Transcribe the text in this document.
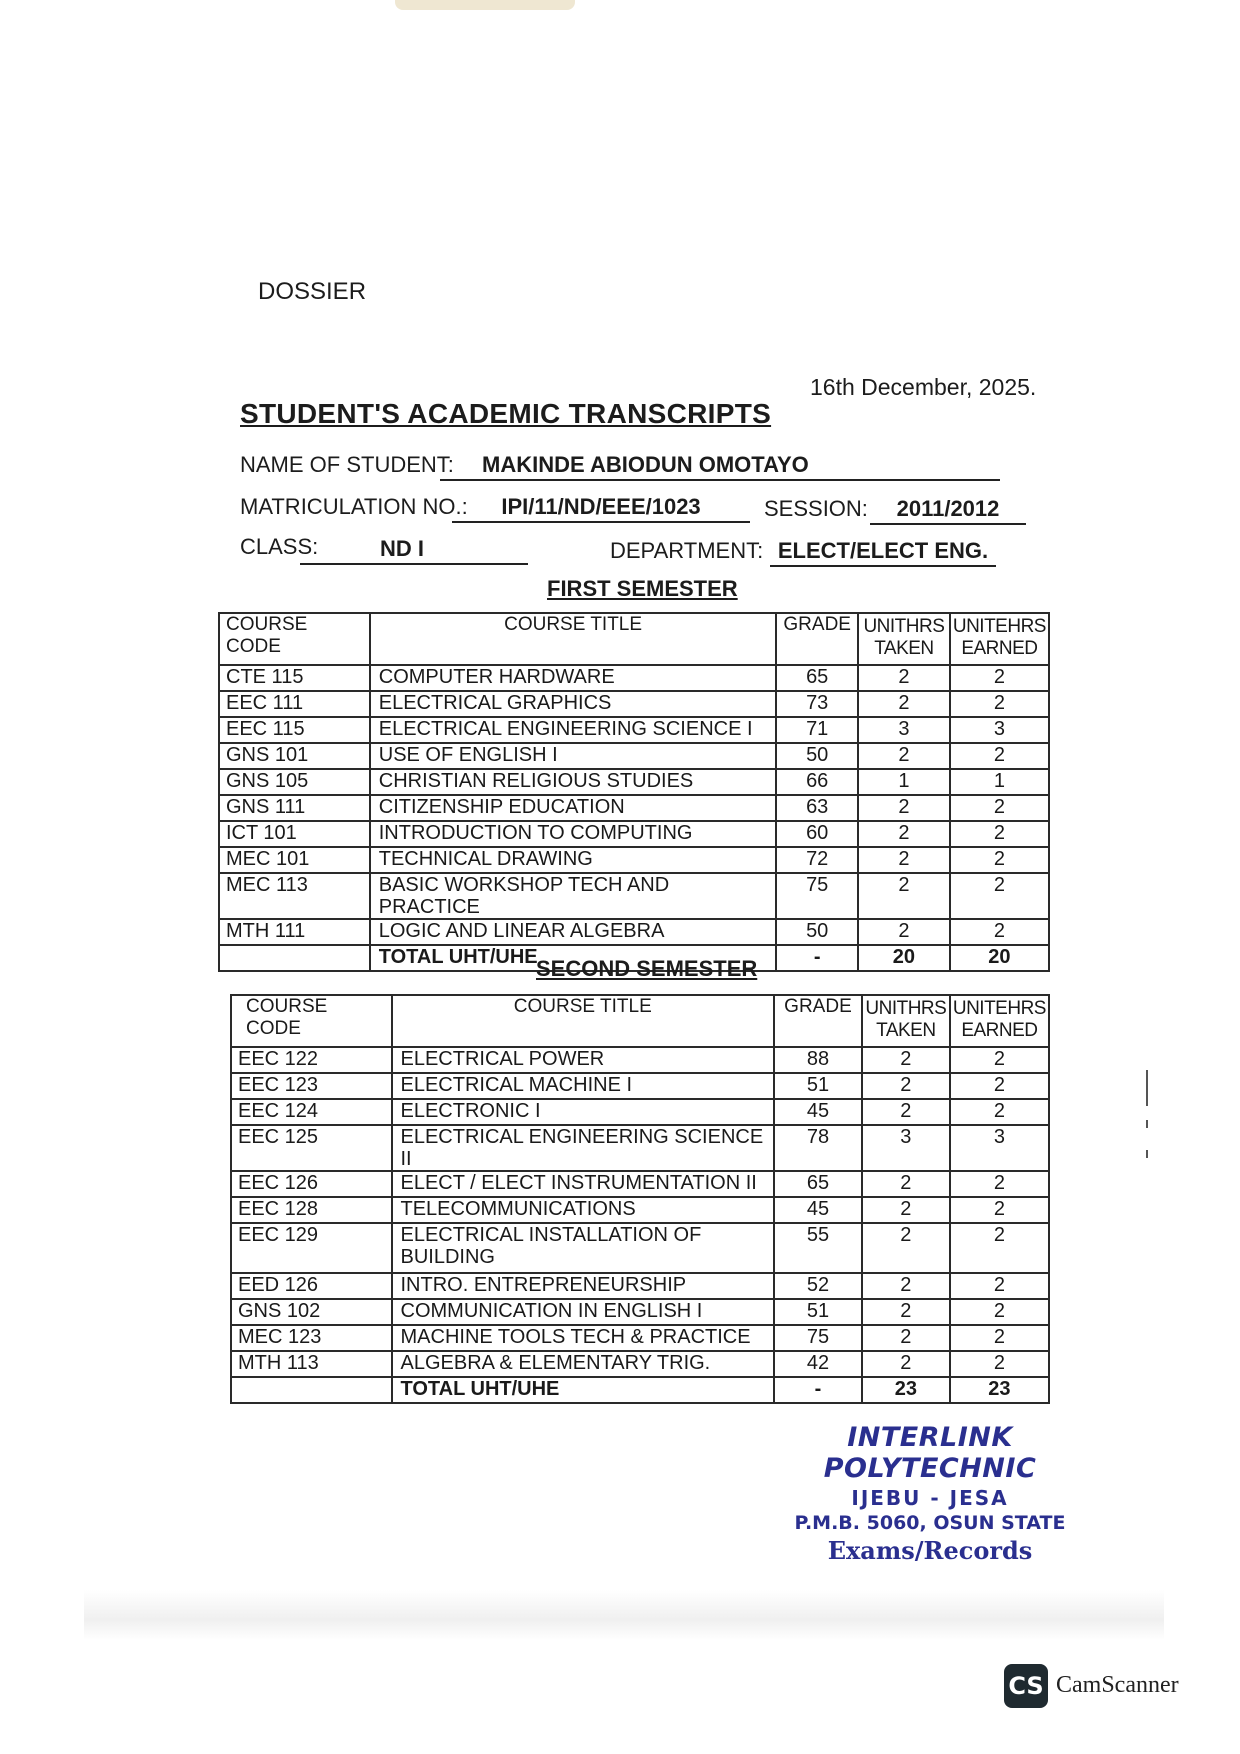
DOSSIER
16th December, 2025.
STUDENT'S ACADEMIC TRANSCRIPTS
NAME OF STUDENT:	MAKINDE ABIODUN OMOTAYO
MATRICULATION NO.:	IPI/11/ND/EEE/1023	SESSION:	2011/2012
CLASS:	ND I	DEPARTMENT: ELECT/ELECT ENG.
FIRST SEMESTER
COURSE CODE	COURSE TITLE	GRADE	UNITHRS TAKEN	UNITEHRS EARNED
CTE 115	COMPUTER HARDWARE	65	2	2
EEC 111	ELECTRICAL GRAPHICS	73	2	2
EEC 115	ELECTRICAL ENGINEERING SCIENCE I	71	3	3
GNS 101	USE OF ENGLISH I	50	2	2
GNS 105	CHRISTIAN RELIGIOUS STUDIES	66	1	1
GNS 111	CITIZENSHIP EDUCATION	63	2	2
ICT 101	INTRODUCTION TO COMPUTING	60	2	2
MEC 101	TECHNICAL DRAWING	72	2	2
MEC 113	BASIC WORKSHOP TECH AND PRACTICE	75	2	2
MTH 111	LOGIC AND LINEAR ALGEBRA	50	2	2
	TOTAL UHT/UHE	-	20	20
SECOND SEMESTER
COURSE CODE	COURSE TITLE	GRADE	UNITHRS TAKEN	UNITEHRS EARNED
EEC 122	ELECTRICAL POWER	88	2	2
EEC 123	ELECTRICAL MACHINE I	51	2	2
EEC 124	ELECTRONIC I	45	2	2
EEC 125	ELECTRICAL ENGINEERING SCIENCE II	78	3	3
EEC 126	ELECT / ELECT INSTRUMENTATION II	65	2	2
EEC 128	TELECOMMUNICATIONS	45	2	2
EEC 129	ELECTRICAL INSTALLATION OF BUILDING	55	2	2
EED 126	INTRO. ENTREPRENEURSHIP	52	2	2
GNS 102	COMMUNICATION IN ENGLISH I	51	2	2
MEC 123	MACHINE TOOLS TECH & PRACTICE	75	2	2
MTH 113	ALGEBRA & ELEMENTARY TRIG.	42	2	2
	TOTAL UHT/UHE	-	23	23
INTERLINK POLYTECHNIC
IJEBU - JESA
P.M.B. 5060, OSUN STATE
Exams/Records
CS CamScanner
